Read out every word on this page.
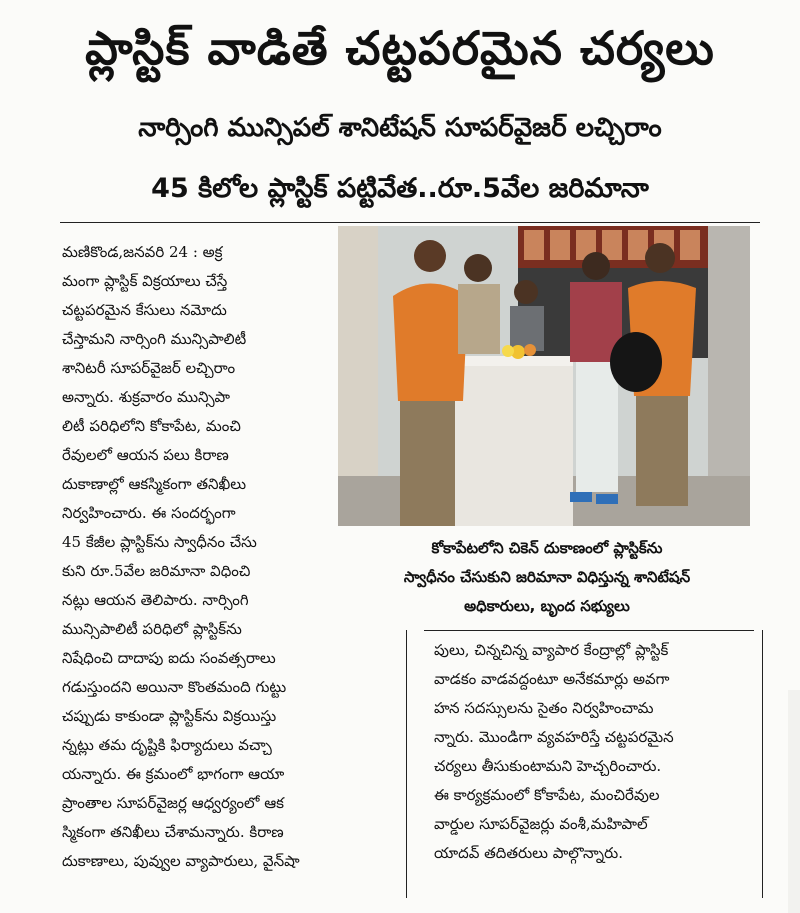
ప్లాస్టిక్ వాడితే చట్టపరమైన చర్యలు
నార్సింగి మున్సిపల్ శానిటేషన్ సూపర్‌వైజర్ లచ్చిరాం
45 కిలోల ప్లాస్టిక్ పట్టివేత..రూ.5వేల జరిమానా
మణికొండ,జనవరి 24 : అక్ర
మంగా ప్లాస్టిక్ విక్రయాలు చేస్తే
చట్టపరమైన కేసులు నమోదు
చేస్తామని నార్సింగి మున్సిపాలిటీ
శానిటరీ సూపర్‌వైజర్ లచ్చిరాం
అన్నారు. శుక్రవారం మున్సిపా
లిటీ పరిధిలోని కోకాపేట, మంచి
రేవులలో ఆయన పలు కిరాణ
దుకాణాల్లో ఆకస్మికంగా తనిఖీలు
నిర్వహించారు. ఈ సందర్భంగా
45 కేజీల ప్లాస్టిక్‌ను స్వాధీనం చేసు
కుని రూ.5వేల జరిమానా విధించి
నట్లు ఆయన తెలిపారు. నార్సింగి
మున్సిపాలిటీ పరిధిలో ప్లాస్టిక్‌ను
నిషేధించి దాదాపు ఐదు సంవత్సరాలు
గడుస్తుందని అయినా కొంతమంది గుట్టు
చప్పుడు కాకుండా ప్లాస్టిక్‌ను విక్రయిస్తు
న్నట్లు తమ దృష్టికి ఫిర్యాదులు వచ్చా
యన్నారు. ఈ క్రమంలో భాగంగా ఆయా
ప్రాంతాల సూపర్‌వైజర్ల ఆధ్వర్యంలో ఆక
స్మికంగా తనిఖీలు చేశామన్నారు. కిరాణ
దుకాణాలు, పువ్వుల వ్యాపారులు, వైన్‌షా
కోకాపేటలోని చికెన్ దుకాణంలో ప్లాస్టిక్‌ను
స్వాధీనం చేసుకుని జరిమానా విధిస్తున్న శానిటేషన్
అధికారులు, బృంద సభ్యులు
పులు, చిన్నచిన్న వ్యాపార కేంద్రాల్లో ప్లాస్టిక్
వాడకం వాడవద్దంటూ అనేకమార్లు అవగా
హన సదస్సులను సైతం నిర్వహించామ
న్నారు. మొండిగా వ్యవహరిస్తే చట్టపరమైన
చర్యలు తీసుకుంటామని హెచ్చరించారు.
ఈ కార్యక్రమంలో కోకాపేట, మంచిరేవుల
వార్డుల సూపర్‌వైజర్లు వంశీ,మహిపాల్
యాదవ్ తదితరులు పాల్గొన్నారు.
